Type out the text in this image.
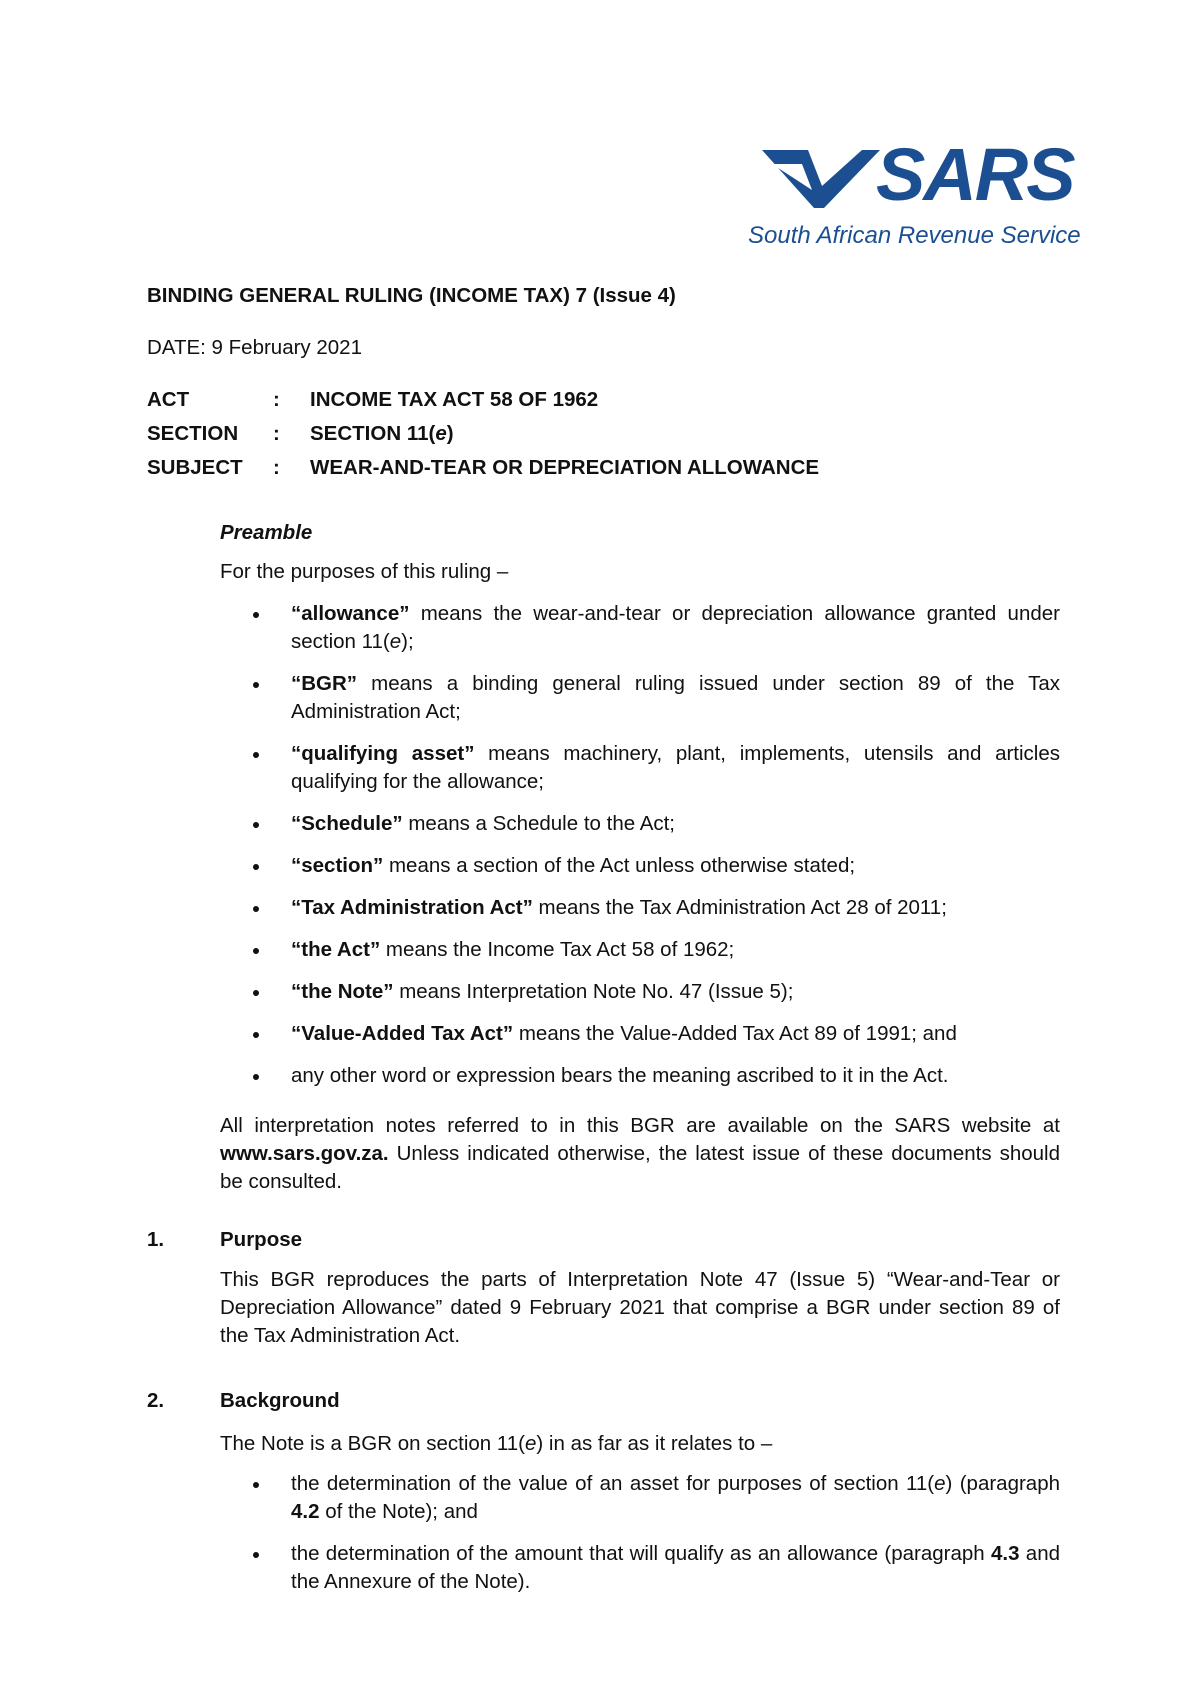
SARS
South African Revenue Service
BINDING GENERAL RULING (INCOME TAX) 7 (Issue 4)
DATE: 9 February 2021
ACT	: INCOME TAX ACT 58 OF 1962
SECTION : SECTION 11(e)
SUBJECT : WEAR-AND-TEAR OR DEPRECIATION ALLOWANCE
Preamble
For the purposes of this ruling –
“allowance” means the wear-and-tear or depreciation allowance granted under section 11(e);
“BGR” means a binding general ruling issued under section 89 of the Tax Administration Act;
“qualifying asset” means machinery, plant, implements, utensils and articles qualifying for the allowance;
“Schedule” means a Schedule to the Act;
“section” means a section of the Act unless otherwise stated;
“Tax Administration Act” means the Tax Administration Act 28 of 2011;
“the Act” means the Income Tax Act 58 of 1962;
“the Note” means Interpretation Note No. 47 (Issue 5);
“Value-Added Tax Act” means the Value-Added Tax Act 89 of 1991; and
any other word or expression bears the meaning ascribed to it in the Act.
All interpretation notes referred to in this BGR are available on the SARS website at www.sars.gov.za. Unless indicated otherwise, the latest issue of these documents should be consulted.
1.	Purpose
This BGR reproduces the parts of Interpretation Note 47 (Issue 5) “Wear-and-Tear or Depreciation Allowance” dated 9 February 2021 that comprise a BGR under section 89 of the Tax Administration Act.
2.	Background
The Note is a BGR on section 11(e) in as far as it relates to –
the determination of the value of an asset for purposes of section 11(e) (paragraph 4.2 of the Note); and
the determination of the amount that will qualify as an allowance (paragraph 4.3 and the Annexure of the Note).
